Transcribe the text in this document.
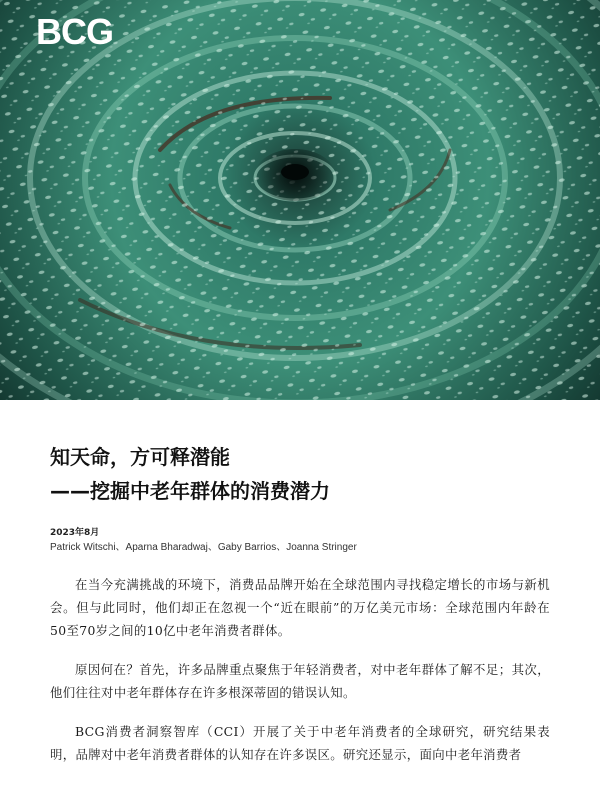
BCG
知天命，方可释潜能
——挖掘中老年群体的消费潜力
2023年8月
Patrick Witschi、Aparna Bharadwaj、Gaby Barrios、Joanna Stringer

在当今充满挑战的环境下，消费品品牌开始在全球范围内寻找稳定增长的市场与新机会。但与此同时，他们却正在忽视一个“近在眼前”的万亿美元市场：全球范围内年龄在50至70岁之间的10亿中老年消费者群体。

原因何在？首先，许多品牌重点聚焦于年轻消费者，对中老年群体了解不足；其次，他们往往对中老年群体存在许多根深蒂固的错误认知。

BCG消费者洞察智库（CCI）开展了关于中老年消费者的全球研究，研究结果表明，品牌对中老年消费者群体的认知存在许多误区。研究还显示，面向中老年消费者
